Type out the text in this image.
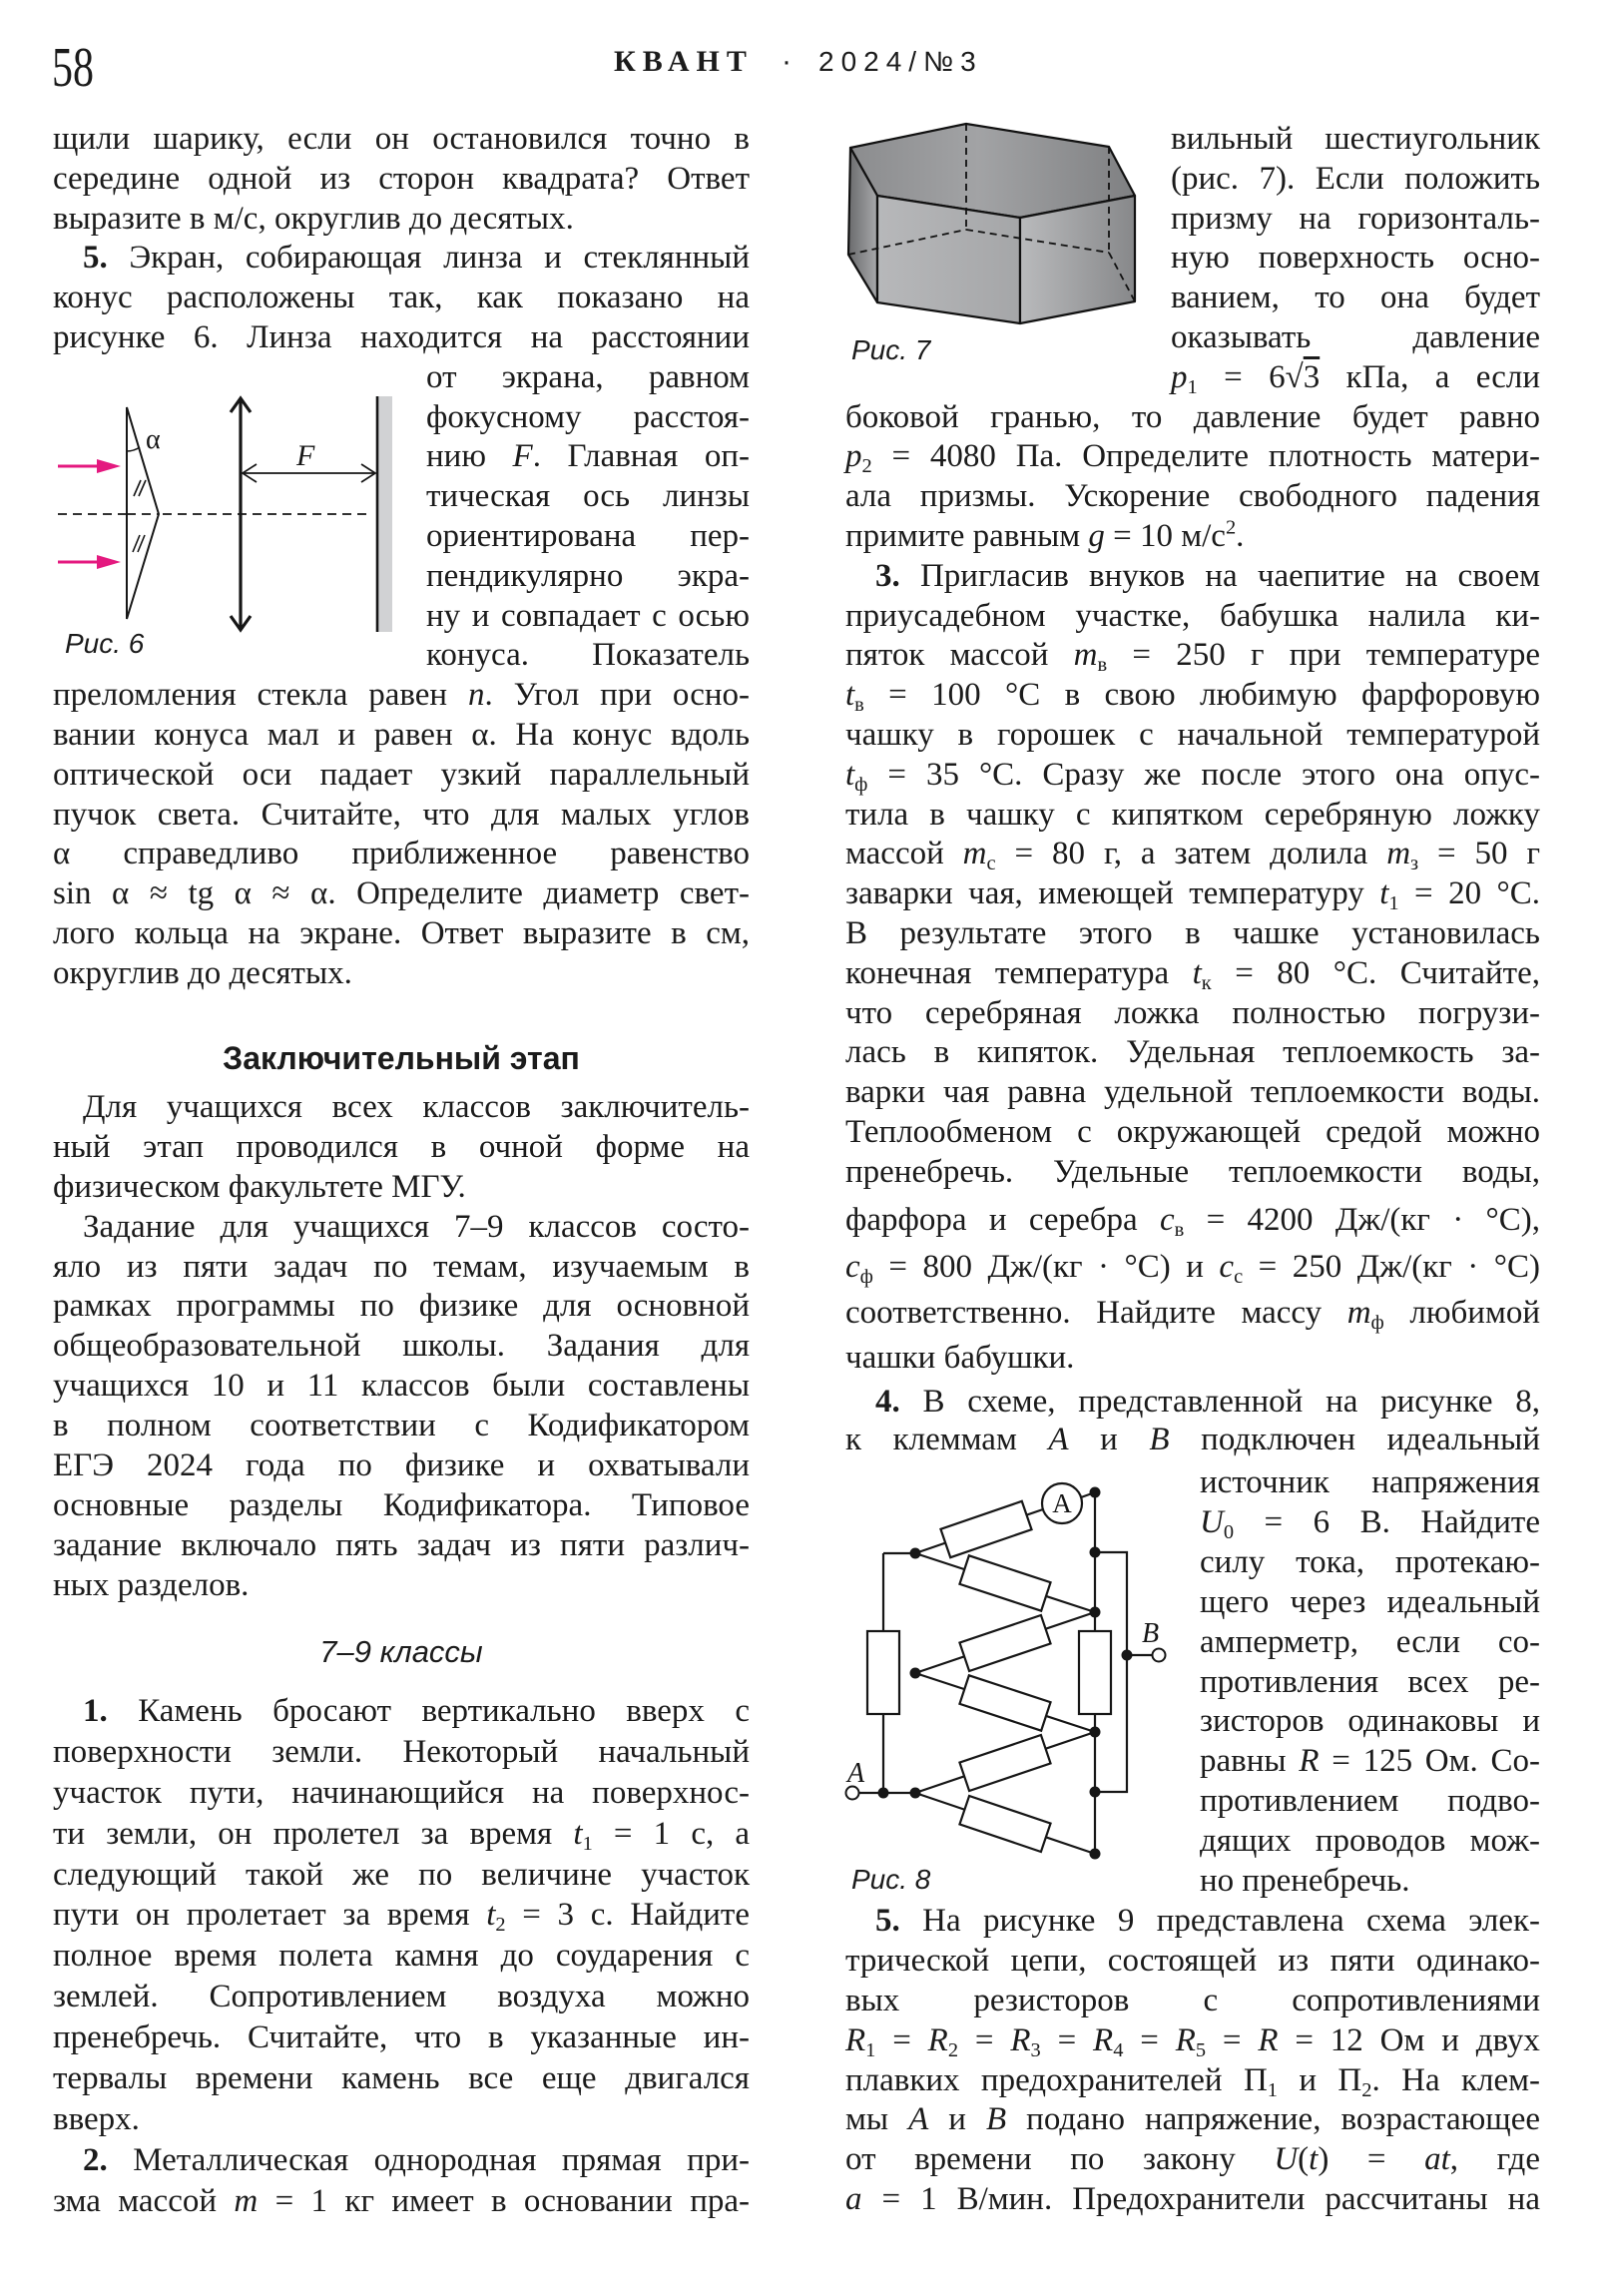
58	КВАНТ · 2024/№3
α	F
Рис. 6
Рис. 7
A
A
B
Рис. 8
Заключительный этап
7–9 классы
щили шарику, если он остановился точно в
середине одной из сторон квадрата? Ответ
выразите в м/с, округлив до десятых.
5. Экран, собирающая линза и стеклянный
конус расположены так, как показано на
рисунке 6. Линза находится на расстоянии
от экрана, равном
фокусному расстоя-
нию F. Главная оп-
тическая ось линзы
ориентирована пер-
пендикулярно экра-
ну и совпадает с осью
конуса. Показатель
преломления стекла равен n. Угол при осно-
вании конуса мал и равен α. На конус вдоль
оптической оси падает узкий параллельный
пучок света. Считайте, что для малых углов
α справедливо приближенное равенство
sin α ≈ tg α ≈ α. Определите диаметр свет-
лого кольца на экране. Ответ выразите в см,
округлив до десятых.
Для учащихся всех классов заключитель-
ный этап проводился в очной форме на
физическом факультете МГУ.
Задание для учащихся 7–9 классов состо-
яло из пяти задач по темам, изучаемым в
рамках программы по физике для основной
общеобразовательной школы. Задания для
учащихся 10 и 11 классов были составлены
в полном соответствии с Кодификатором
ЕГЭ 2024 года по физике и охватывали
основные разделы Кодификатора. Типовое
задание включало пять задач из пяти различ-
ных разделов.
1. Камень бросают вертикально вверх с
поверхности земли. Некоторый начальный
участок пути, начинающийся на поверхнос-
ти земли, он пролетел за время $t_1 = 1$ с, а
следующий такой же по величине участок
пути он пролетает за время $t_2 = 3$ с. Найдите
полное время полета камня до соударения с
землей. Сопротивлением воздуха можно
пренебречь. Считайте, что в указанные ин-
тервалы времени камень все еще двигался
вверх.
2. Металлическая однородная прямая при-
зма массой m = 1 кг имеет в основании пра-
вильный шестиугольник
(рис. 7). Если положить
призму на горизонталь-
ную поверхность осно-
ванием, то она будет
оказывать давление
$p_1 = 6√3$ кПа, а если
боковой гранью, то давление будет равно
$p_2 = 4080$ Па. Определите плотность матери-
ала призмы. Ускорение свободного падения
примите равным g = 10 $м/с^2$.
3. Пригласив внуков на чаепитие на своем
приусадебном участке, бабушка налила ки-
пяток массой $m_в = 250$ г при температуре
$t_в = 100$ °С в свою любимую фарфоровую
чашку в горошек с начальной температурой
$t_ф = 35$ °С. Сразу же после этого она опус-
тила в чашку с кипятком серебряную ложку
массой $m_с = 80$ г, а затем долила $m_з = 50$ г
заварки чая, имеющей температуру $t_1 = 20$ °С.
В результате этого в чашке установилась
конечная температура $t_к = 80$ °С. Считайте,
что серебряная ложка полностью погрузи-
лась в кипяток. Удельная теплоемкость за-
варки чая равна удельной теплоемкости воды.
Теплообменом с окружающей средой можно
пренебречь. Удельные теплоемкости воды,
фарфора и серебра $c_в = 4200$ Дж/(кг · °С),
$c_ф = 800$ Дж/(кг · °С) и $c_с = 250$ Дж/(кг · °С)
соответственно. Найдите массу $m_ф$ любимой
чашки бабушки.
4. В схеме, представленной на рисунке 8,
к клеммам A и B подключен идеальный
источник напряжения
$U_0 = 6$ В. Найдите
силу тока, протекаю-
щего через идеальный
амперметр, если со-
противления всех ре-
зисторов одинаковы и
равны R = 125 Ом. Со-
противлением подво-
дящих проводов мож-
но пренебречь.
5. На рисунке 9 представлена схема элек-
трической цепи, состоящей из пяти одинако-
вых резисторов с сопротивлениями
$R_1 = R_2 = R_3 = R_4 = R_5 = R = 12$ Ом и двух
плавких предохранителей $П_1$ и $П_2$. На клем-
мы A и B подано напряжение, возрастающее
от времени по закону U(t) = at, где
a = 1 В/мин. Предохранители рассчитаны на
